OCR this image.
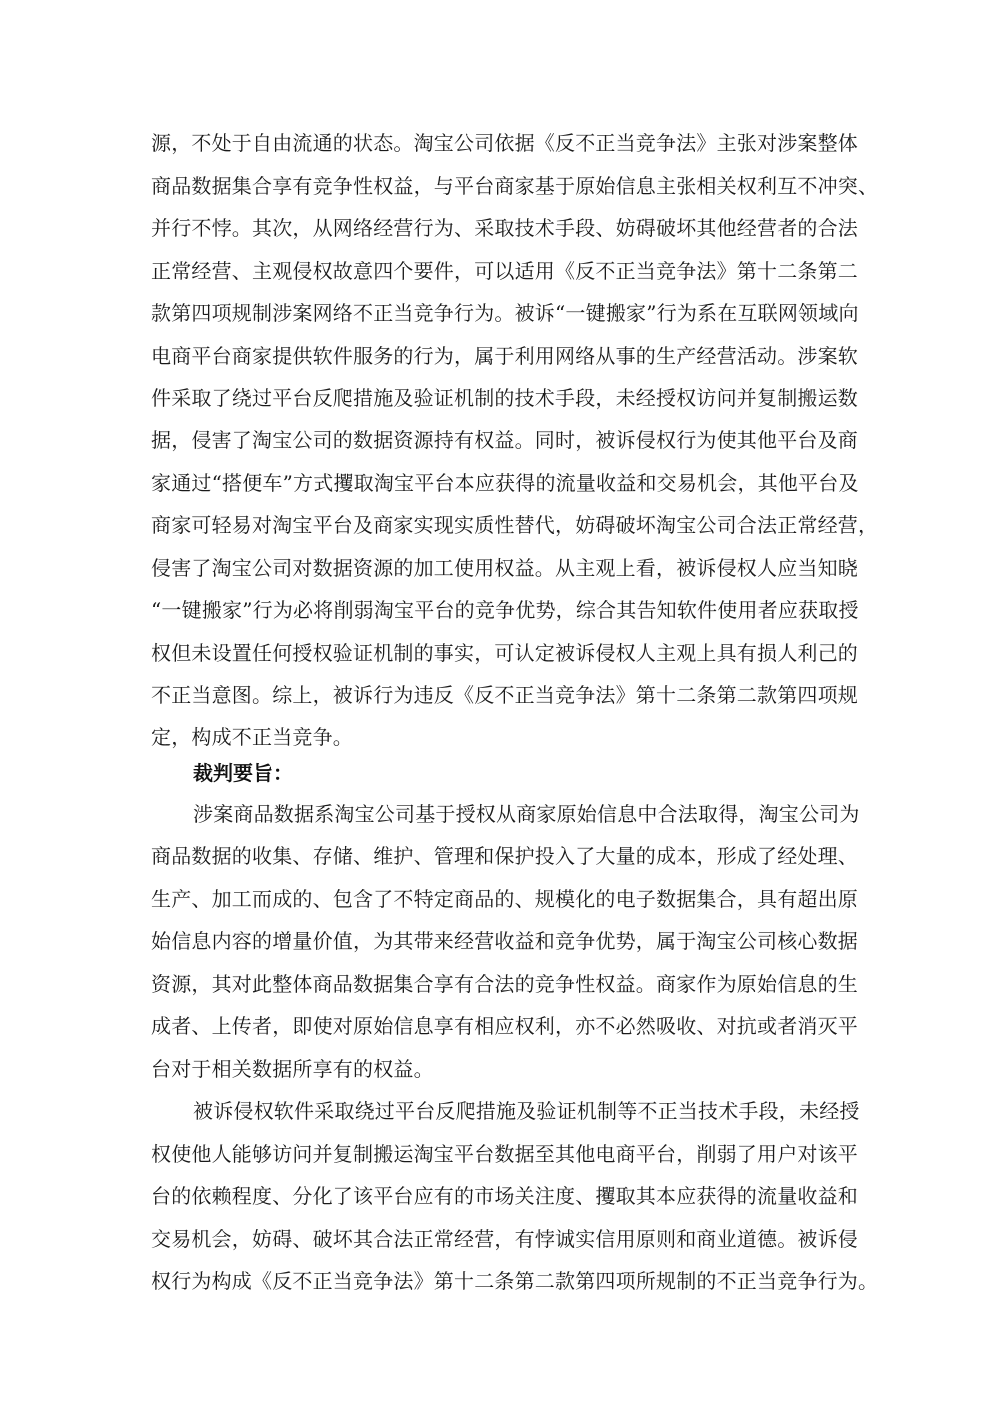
源，不处于自由流通的状态。淘宝公司依据《反不正当竞争法》主张对涉案整体
商品数据集合享有竞争性权益，与平台商家基于原始信息主张相关权利互不冲突、
并行不悖。其次，从网络经营行为、采取技术手段、妨碍破坏其他经营者的合法
正常经营、主观侵权故意四个要件，可以适用《反不正当竞争法》第十二条第二
款第四项规制涉案网络不正当竞争行为。被诉“一键搬家”行为系在互联网领域向
电商平台商家提供软件服务的行为，属于利用网络从事的生产经营活动。涉案软
件采取了绕过平台反爬措施及验证机制的技术手段，未经授权访问并复制搬运数
据，侵害了淘宝公司的数据资源持有权益。同时，被诉侵权行为使其他平台及商
家通过“搭便车”方式攫取淘宝平台本应获得的流量收益和交易机会，其他平台及
商家可轻易对淘宝平台及商家实现实质性替代，妨碍破坏淘宝公司合法正常经营，
侵害了淘宝公司对数据资源的加工使用权益。从主观上看，被诉侵权人应当知晓
“一键搬家”行为必将削弱淘宝平台的竞争优势，综合其告知软件使用者应获取授
权但未设置任何授权验证机制的事实，可认定被诉侵权人主观上具有损人利己的
不正当意图。综上，被诉行为违反《反不正当竞争法》第十二条第二款第四项规
定，构成不正当竞争。
裁判要旨：
涉案商品数据系淘宝公司基于授权从商家原始信息中合法取得，淘宝公司为
商品数据的收集、存储、维护、管理和保护投入了大量的成本，形成了经处理、
生产、加工而成的、包含了不特定商品的、规模化的电子数据集合，具有超出原
始信息内容的增量价值，为其带来经营收益和竞争优势，属于淘宝公司核心数据
资源，其对此整体商品数据集合享有合法的竞争性权益。商家作为原始信息的生
成者、上传者，即使对原始信息享有相应权利，亦不必然吸收、对抗或者消灭平
台对于相关数据所享有的权益。
被诉侵权软件采取绕过平台反爬措施及验证机制等不正当技术手段，未经授
权使他人能够访问并复制搬运淘宝平台数据至其他电商平台，削弱了用户对该平
台的依赖程度、分化了该平台应有的市场关注度、攫取其本应获得的流量收益和
交易机会，妨碍、破坏其合法正常经营，有悖诚实信用原则和商业道德。被诉侵
权行为构成《反不正当竞争法》第十二条第二款第四项所规制的不正当竞争行为。
